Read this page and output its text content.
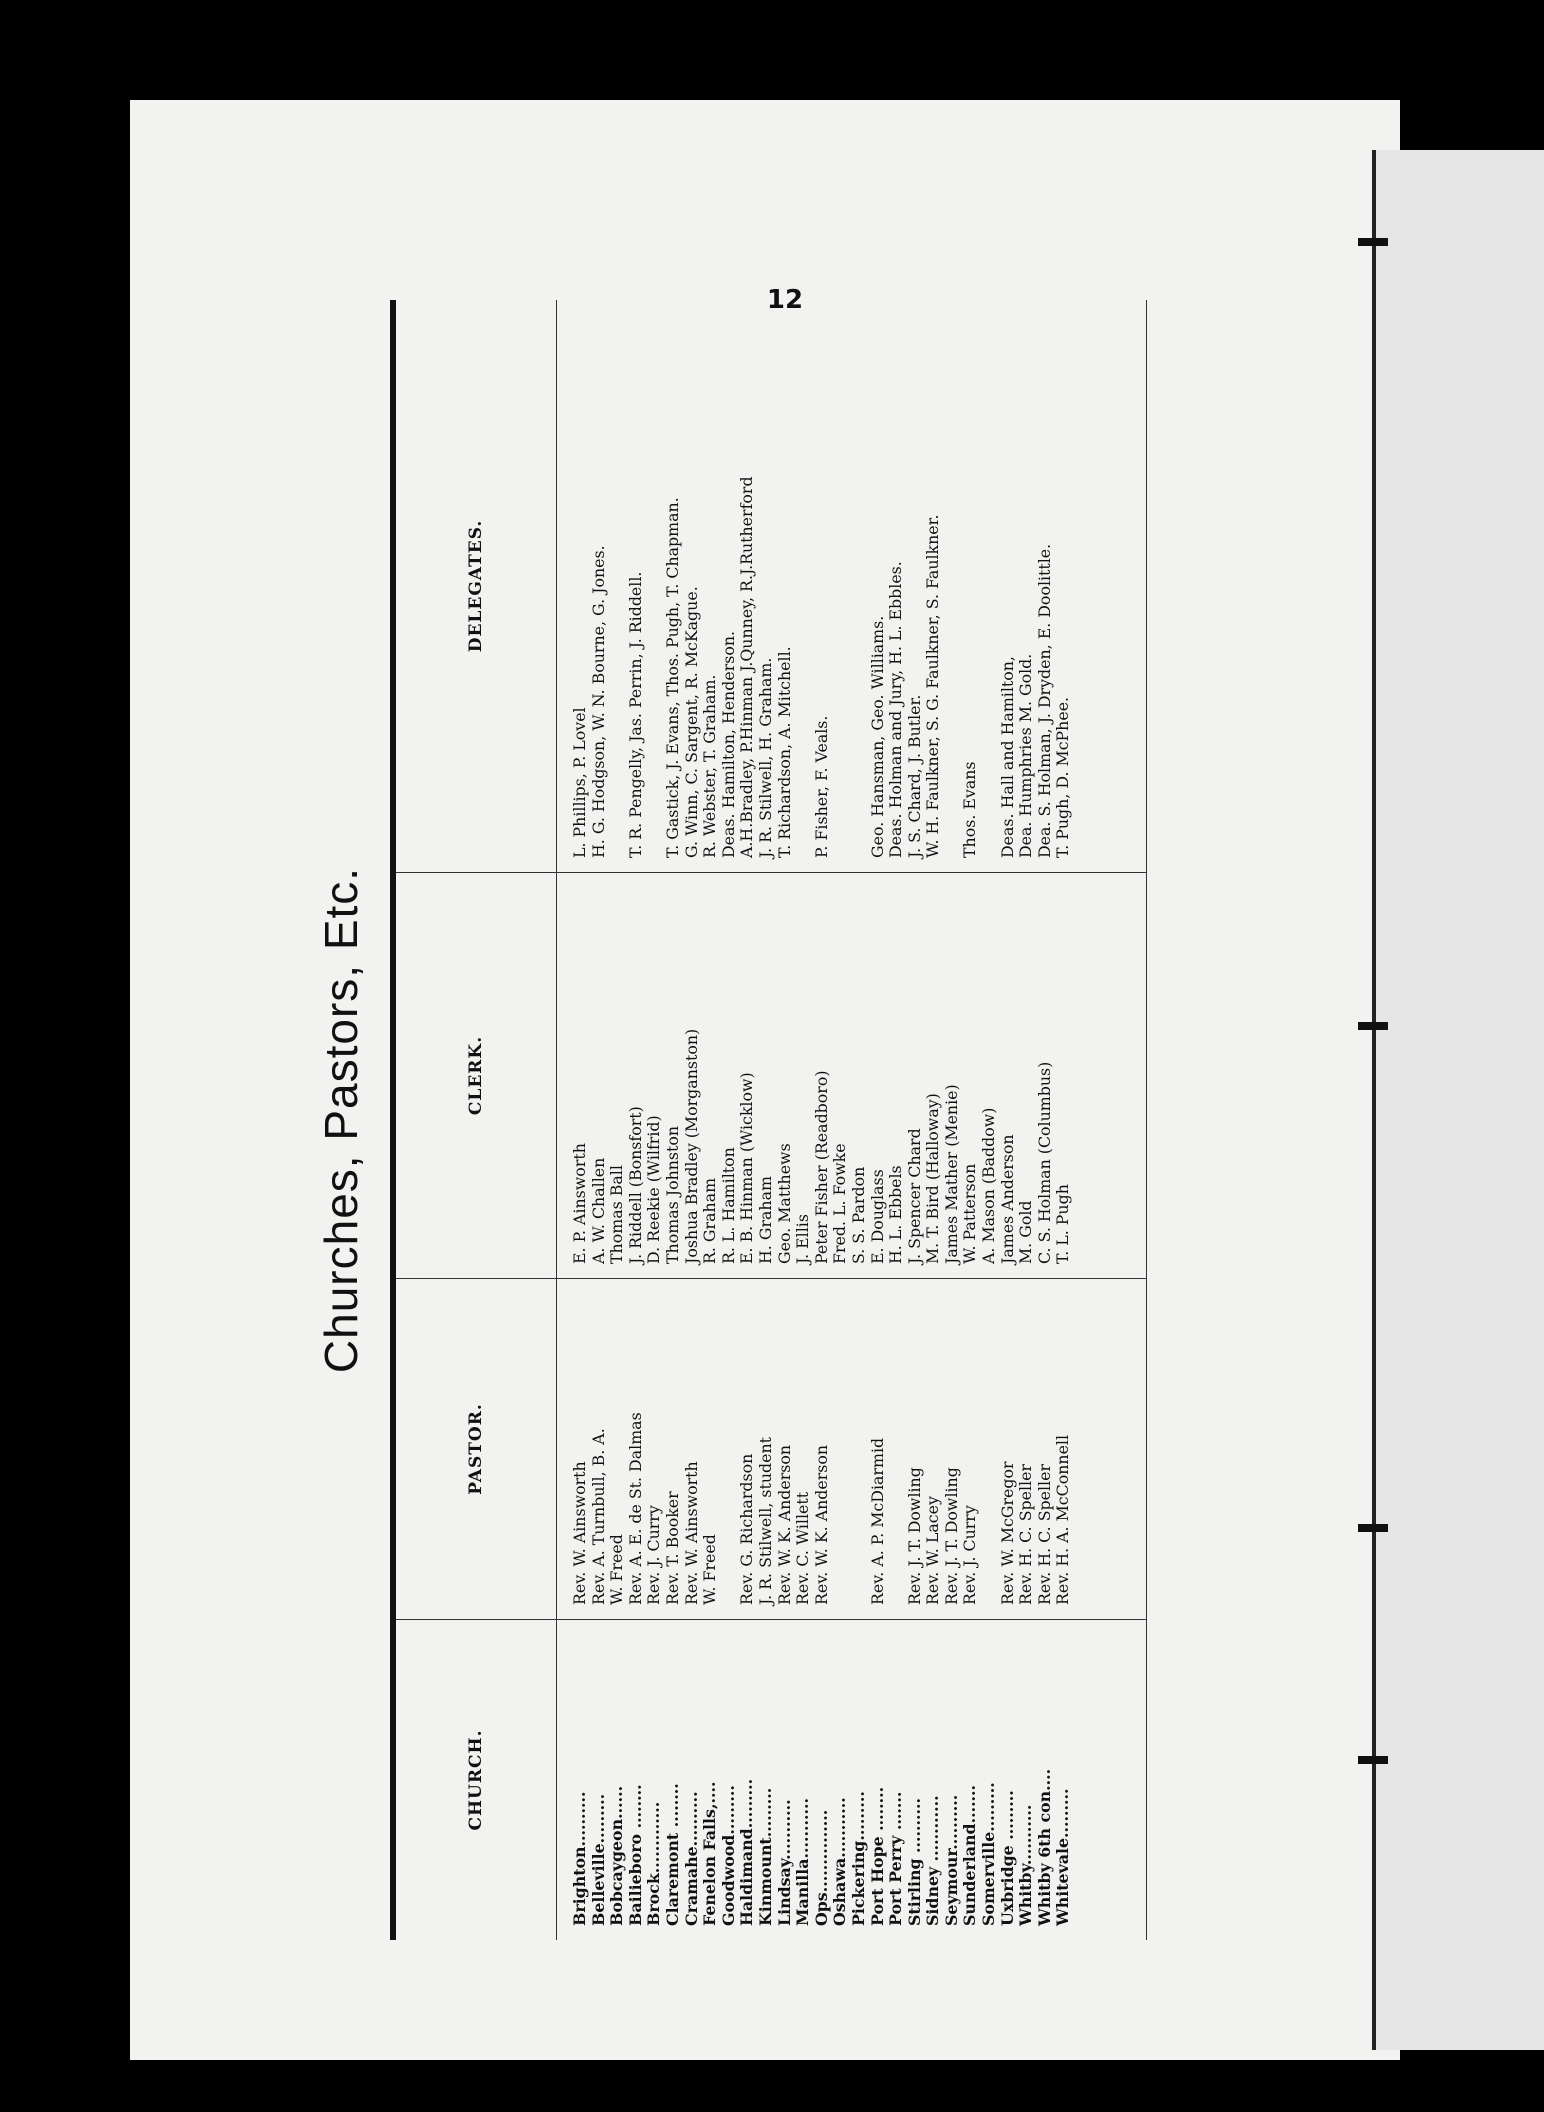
12
Churches, Pastors, Etc.
CHURCH.
Brighton.......... Belleville......... Bobcaygeon...... Bailieboro ........ Brock............. Claremont ........ Cramahe.......... Fenelon Falls,.... Goodwood......... Haldimand......... Kinmount......... Lindsay........... Manilla........... Ops............... Oshawa........... Pickering......... Port Hope ........ Port Perry ....... Stirling .......... Sidney ............ Seymour.......... Sunderland....... Somerville......... Uxbridge ......... Whitby........... Whitby 6th con.... Whitevale.........
PASTOR.
Rev. W. Ainsworth Rev. A. Turnbull, B. A. W. Freed Rev. A. E. de St. Dalmas Rev. J. Curry Rev. T. Booker Rev. W. Ainsworth W. Freed Rev. G. Richardson J. R. Stilwell, student Rev. W. K. Anderson Rev. C. Willett Rev. W. K. Anderson Rev. A. P. McDiarmid Rev. J. T. Dowling Rev. W. Lacey Rev. J. T. Dowling Rev. J. Curry Rev. W. McGregor Rev. H. C. Speller Rev. H. C. Speller Rev. H. A. McConnell
CLERK.
E. P. Ainsworth A. W. Challen Thomas Ball J. Riddell (Bonsfort) D. Reekie (Wilfrid) Thomas Johnston Joshua Bradley (Morganston) R. Graham R. L. Hamilton E. B. Hinman (Wicklow) H. Graham Geo. Matthews J. Ellis Peter Fisher (Readboro) Fred. L. Fowke S. S. Pardon E. Douglass H. L. Ebbels J. Spencer Chard M. T. Bird (Halloway) James Mather (Menie) W. Patterson A. Mason (Baddow) James Anderson M. Gold C. S. Holman (Columbus) T. L. Pugh
DELEGATES.
L. Phillips, P. Lovel H. G. Hodgson, W. N. Bourne, G. Jones. T. R. Pengelly, Jas. Perrin, J. Riddell. T. Gastick, J. Evans, Thos. Pugh, T. Chapman. G. Winn, C. Sargent, R. McKague. R. Webster, T. Graham. Deas. Hamilton, Henderson. A.H.Bradley, P.Hinman J.Qunney, R.J.Rutherford J. R. Stilwell, H. Graham. T. Richardson, A. Mitchell. P. Fisher, F. Veals. Geo. Hansman, Geo. Williams. Deas. Holman and Jury, H. L. Ebbles. J. S. Chard, J. Butler. W. H. Faulkner, S. G. Faulkner, S. Faulkner. Thos. Evans Deas. Hall and Hamilton, Dea. Humphries M. Gold. Dea. S. Holman, J. Dryden, E. Doolittle. T. Pugh, D. McPhee.
